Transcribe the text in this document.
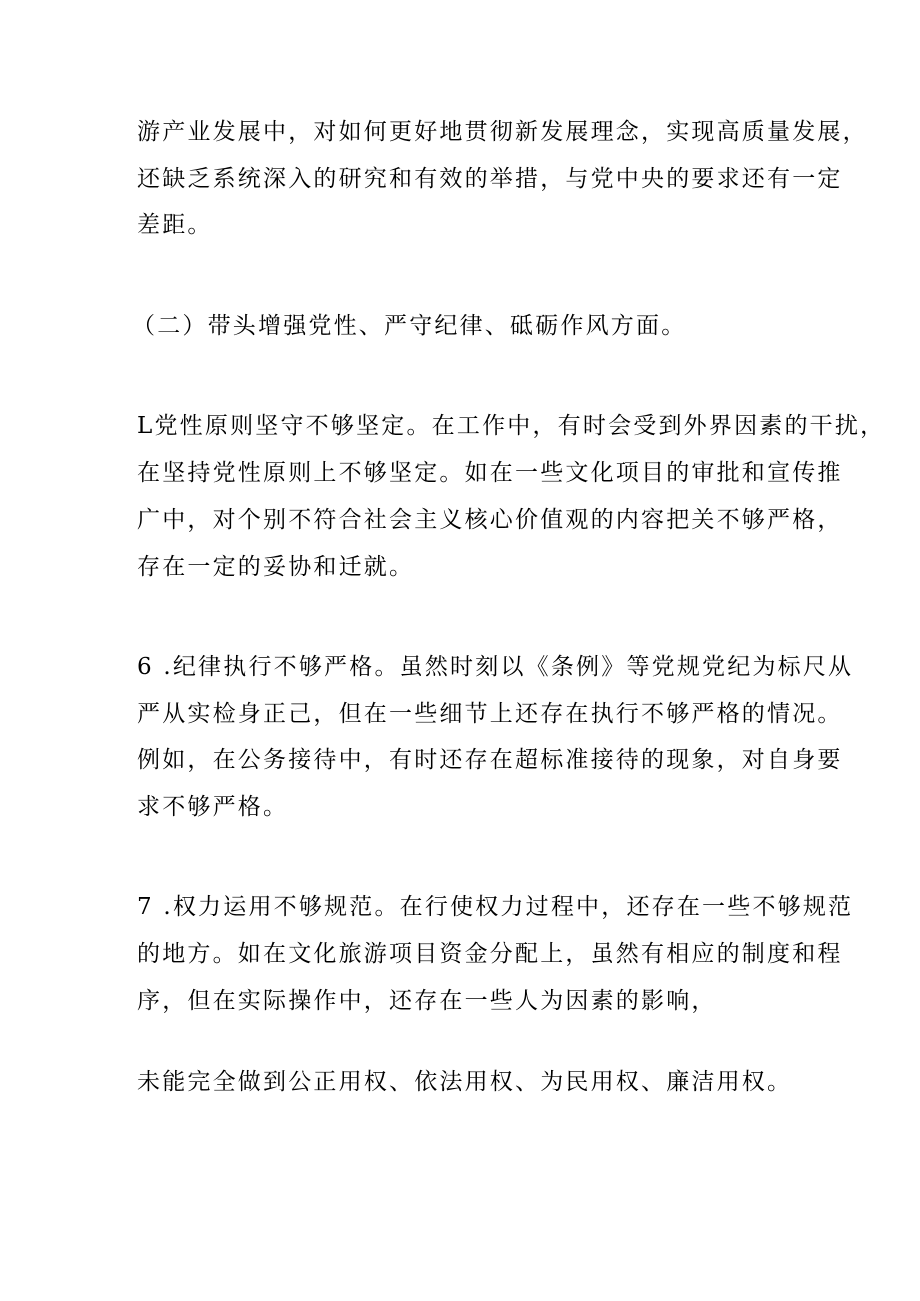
游产业发展中，对如何更好地贯彻新发展理念，实现高质量发展，
还缺乏系统深入的研究和有效的举措，与党中央的要求还有一定
差距。
（二）带头增强党性、严守纪律、砥砺作风方面。
L党性原则坚守不够坚定。在工作中，有时会受到外界因素的干扰，
在坚持党性原则上不够坚定。如在一些文化项目的审批和宣传推
广中，对个别不符合社会主义核心价值观的内容把关不够严格，
存在一定的妥协和迁就。
6 .纪律执行不够严格。虽然时刻以《条例》等党规党纪为标尺从
严从实检身正己，但在一些细节上还存在执行不够严格的情况。
例如，在公务接待中，有时还存在超标准接待的现象，对自身要
求不够严格。
7 .权力运用不够规范。在行使权力过程中，还存在一些不够规范
的地方。如在文化旅游项目资金分配上，虽然有相应的制度和程
序，但在实际操作中，还存在一些人为因素的影响，
未能完全做到公正用权、依法用权、为民用权、廉洁用权。
